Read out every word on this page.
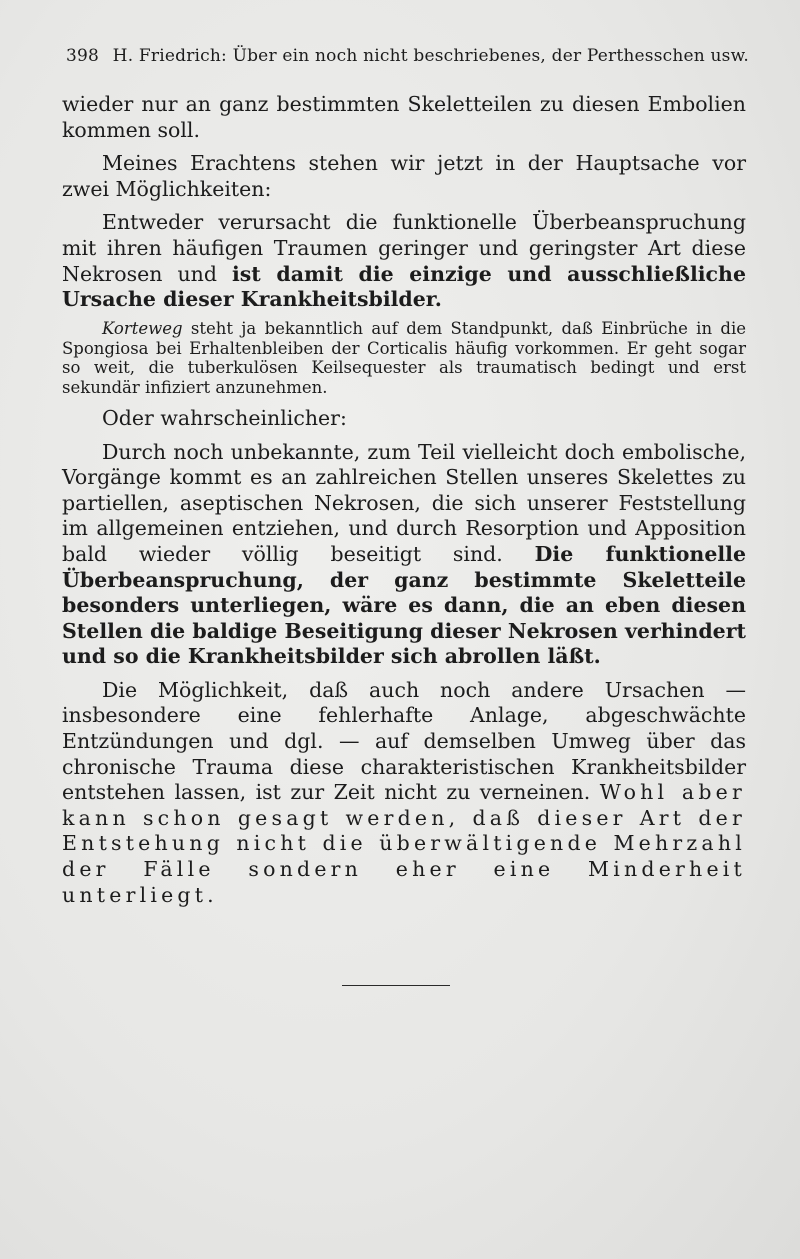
398 H. Friedrich: Über ein noch nicht beschriebenes, der Perthesschen usw.

wieder nur an ganz bestimmten Skeletteilen zu diesen Embolien kommen soll.

Meines Erachtens stehen wir jetzt in der Hauptsache vor zwei Möglichkeiten:

Entweder verursacht die funktionelle Überbeanspruchung mit ihren häufigen Traumen geringer und geringster Art diese Nekrosen und ist damit die einzige und ausschließliche Ursache dieser Krankheitsbilder.

Korteweg steht ja bekanntlich auf dem Standpunkt, daß Einbrüche in die Spongiosa bei Erhaltenbleiben der Corticalis häufig vorkommen. Er geht sogar so weit, die tuberkulösen Keilsequester als traumatisch bedingt und erst sekundär infiziert anzunehmen.

Oder wahrscheinlicher:

Durch noch unbekannte, zum Teil vielleicht doch embolische, Vorgänge kommt es an zahlreichen Stellen unseres Skelettes zu partiellen, aseptischen Nekrosen, die sich unserer Feststellung im allgemeinen entziehen, und durch Resorption und Apposition bald wieder völlig beseitigt sind. Die funktionelle Überbeanspruchung, der ganz bestimmte Skeletteile besonders unterliegen, wäre es dann, die an eben diesen Stellen die baldige Beseitigung dieser Nekrosen verhindert und so die Krankheitsbilder sich abrollen läßt.

Die Möglichkeit, daß auch noch andere Ursachen — insbesondere eine fehlerhafte Anlage, abgeschwächte Entzündungen und dgl. — auf demselben Umweg über das chronische Trauma diese charakteristischen Krankheitsbilder entstehen lassen, ist zur Zeit nicht zu verneinen. Wohl aber kann schon gesagt werden, daß dieser Art der Entstehung nicht die überwältigende Mehrzahl der Fälle sondern eher eine Minderheit unterliegt.
